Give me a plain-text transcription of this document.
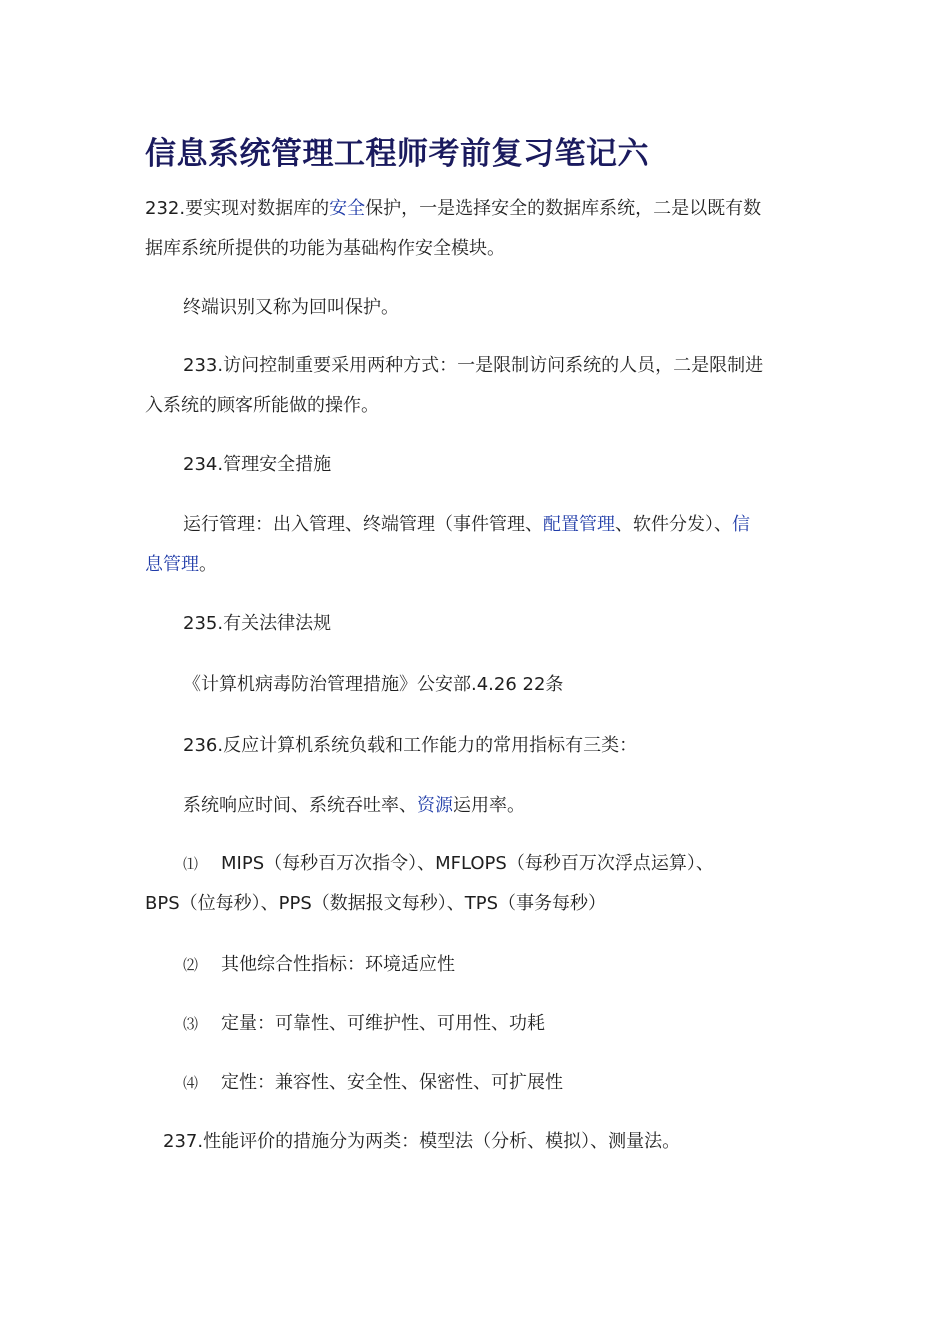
信息系统管理工程师考前复习笔记六

232.要实现对数据库的安全保护，一是选择安全的数据库系统，二是以既有数

据库系统所提供的功能为基础构作安全模块。

终端识别又称为回叫保护。

233.访问控制重要采用两种方式：一是限制访问系统的人员，二是限制进

入系统的顾客所能做的操作。

234.管理安全措施

运行管理：出入管理、终端管理（事件管理、配置管理、软件分发）、信

息管理。

235.有关法律法规

《计算机病毒防治管理措施》公安部.4.26 22条

236.反应计算机系统负载和工作能力的常用指标有三类：

系统响应时间、系统吞吐率、资源运用率。

⑴ MIPS（每秒百万次指令）、MFLOPS（每秒百万次浮点运算）、

BPS（位每秒）、PPS（数据报文每秒）、TPS（事务每秒）

⑵ 其他综合性指标：环境适应性

⑶ 定量：可靠性、可维护性、可用性、功耗

⑷ 定性：兼容性、安全性、保密性、可扩展性

237.性能评价的措施分为两类：模型法（分析、模拟）、测量法。
